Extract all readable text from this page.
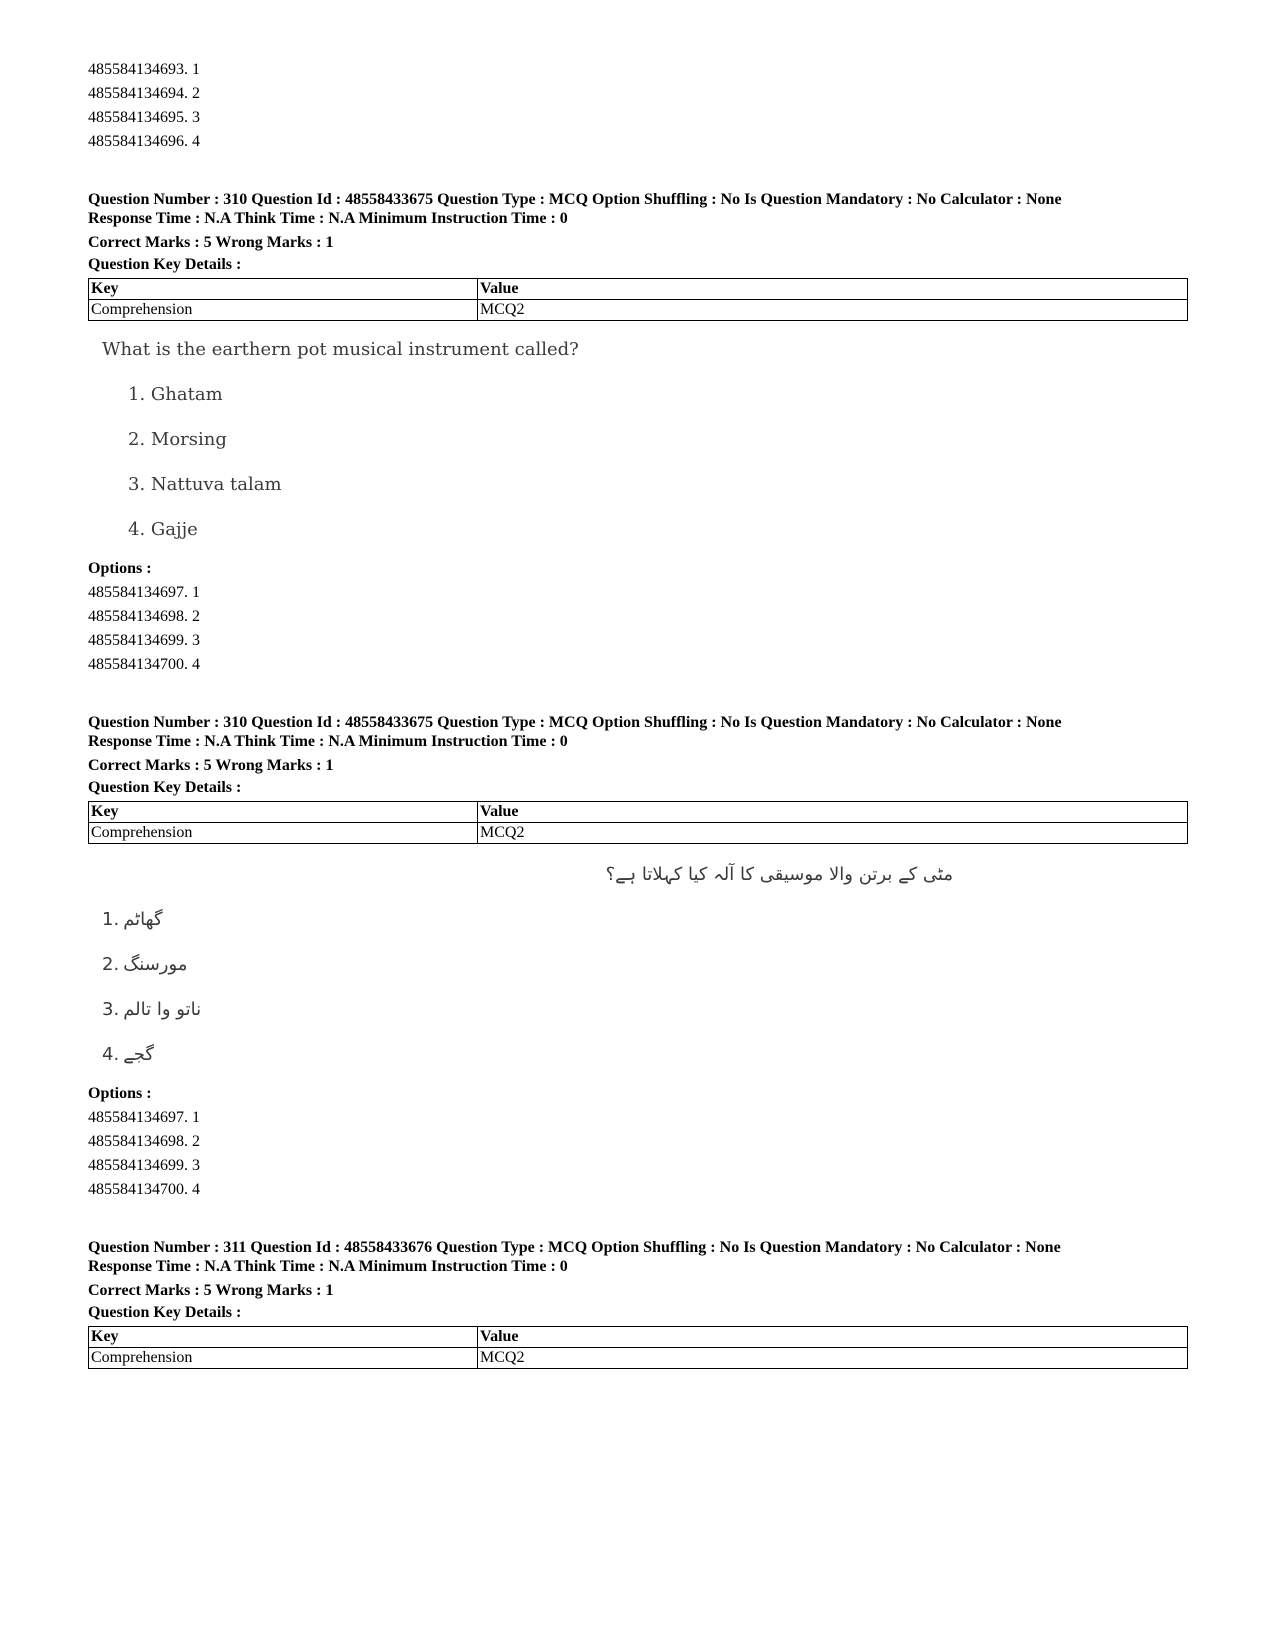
485584134693. 1
485584134694. 2
485584134695. 3
485584134696. 4
Question Number : 310 Question Id : 48558433675 Question Type : MCQ Option Shuffling : No Is Question Mandatory : No Calculator : None
Response Time : N.A Think Time : N.A Minimum Instruction Time : 0
Correct Marks : 5 Wrong Marks : 1
Question Key Details :
Key	Value
Comprehension	MCQ2
What is the earthern pot musical instrument called?
1. Ghatam
2. Morsing
3. Nattuva talam
4. Gajje
Options :
485584134697. 1
485584134698. 2
485584134699. 3
485584134700. 4
Question Number : 310 Question Id : 48558433675 Question Type : MCQ Option Shuffling : No Is Question Mandatory : No Calculator : None
Response Time : N.A Think Time : N.A Minimum Instruction Time : 0
Correct Marks : 5 Wrong Marks : 1
Question Key Details :
Key	Value
Comprehension	MCQ2
مٹی کے برتن والا موسیقی کا آلہ کیا کہلاتا ہے؟
1. گھاٹم
2. مورسنگ
3. ناتو وا تالم
4. گجے
Options :
485584134697. 1
485584134698. 2
485584134699. 3
485584134700. 4
Question Number : 311 Question Id : 48558433676 Question Type : MCQ Option Shuffling : No Is Question Mandatory : No Calculator : None
Response Time : N.A Think Time : N.A Minimum Instruction Time : 0
Correct Marks : 5 Wrong Marks : 1
Question Key Details :
Key	Value
Comprehension	MCQ2
